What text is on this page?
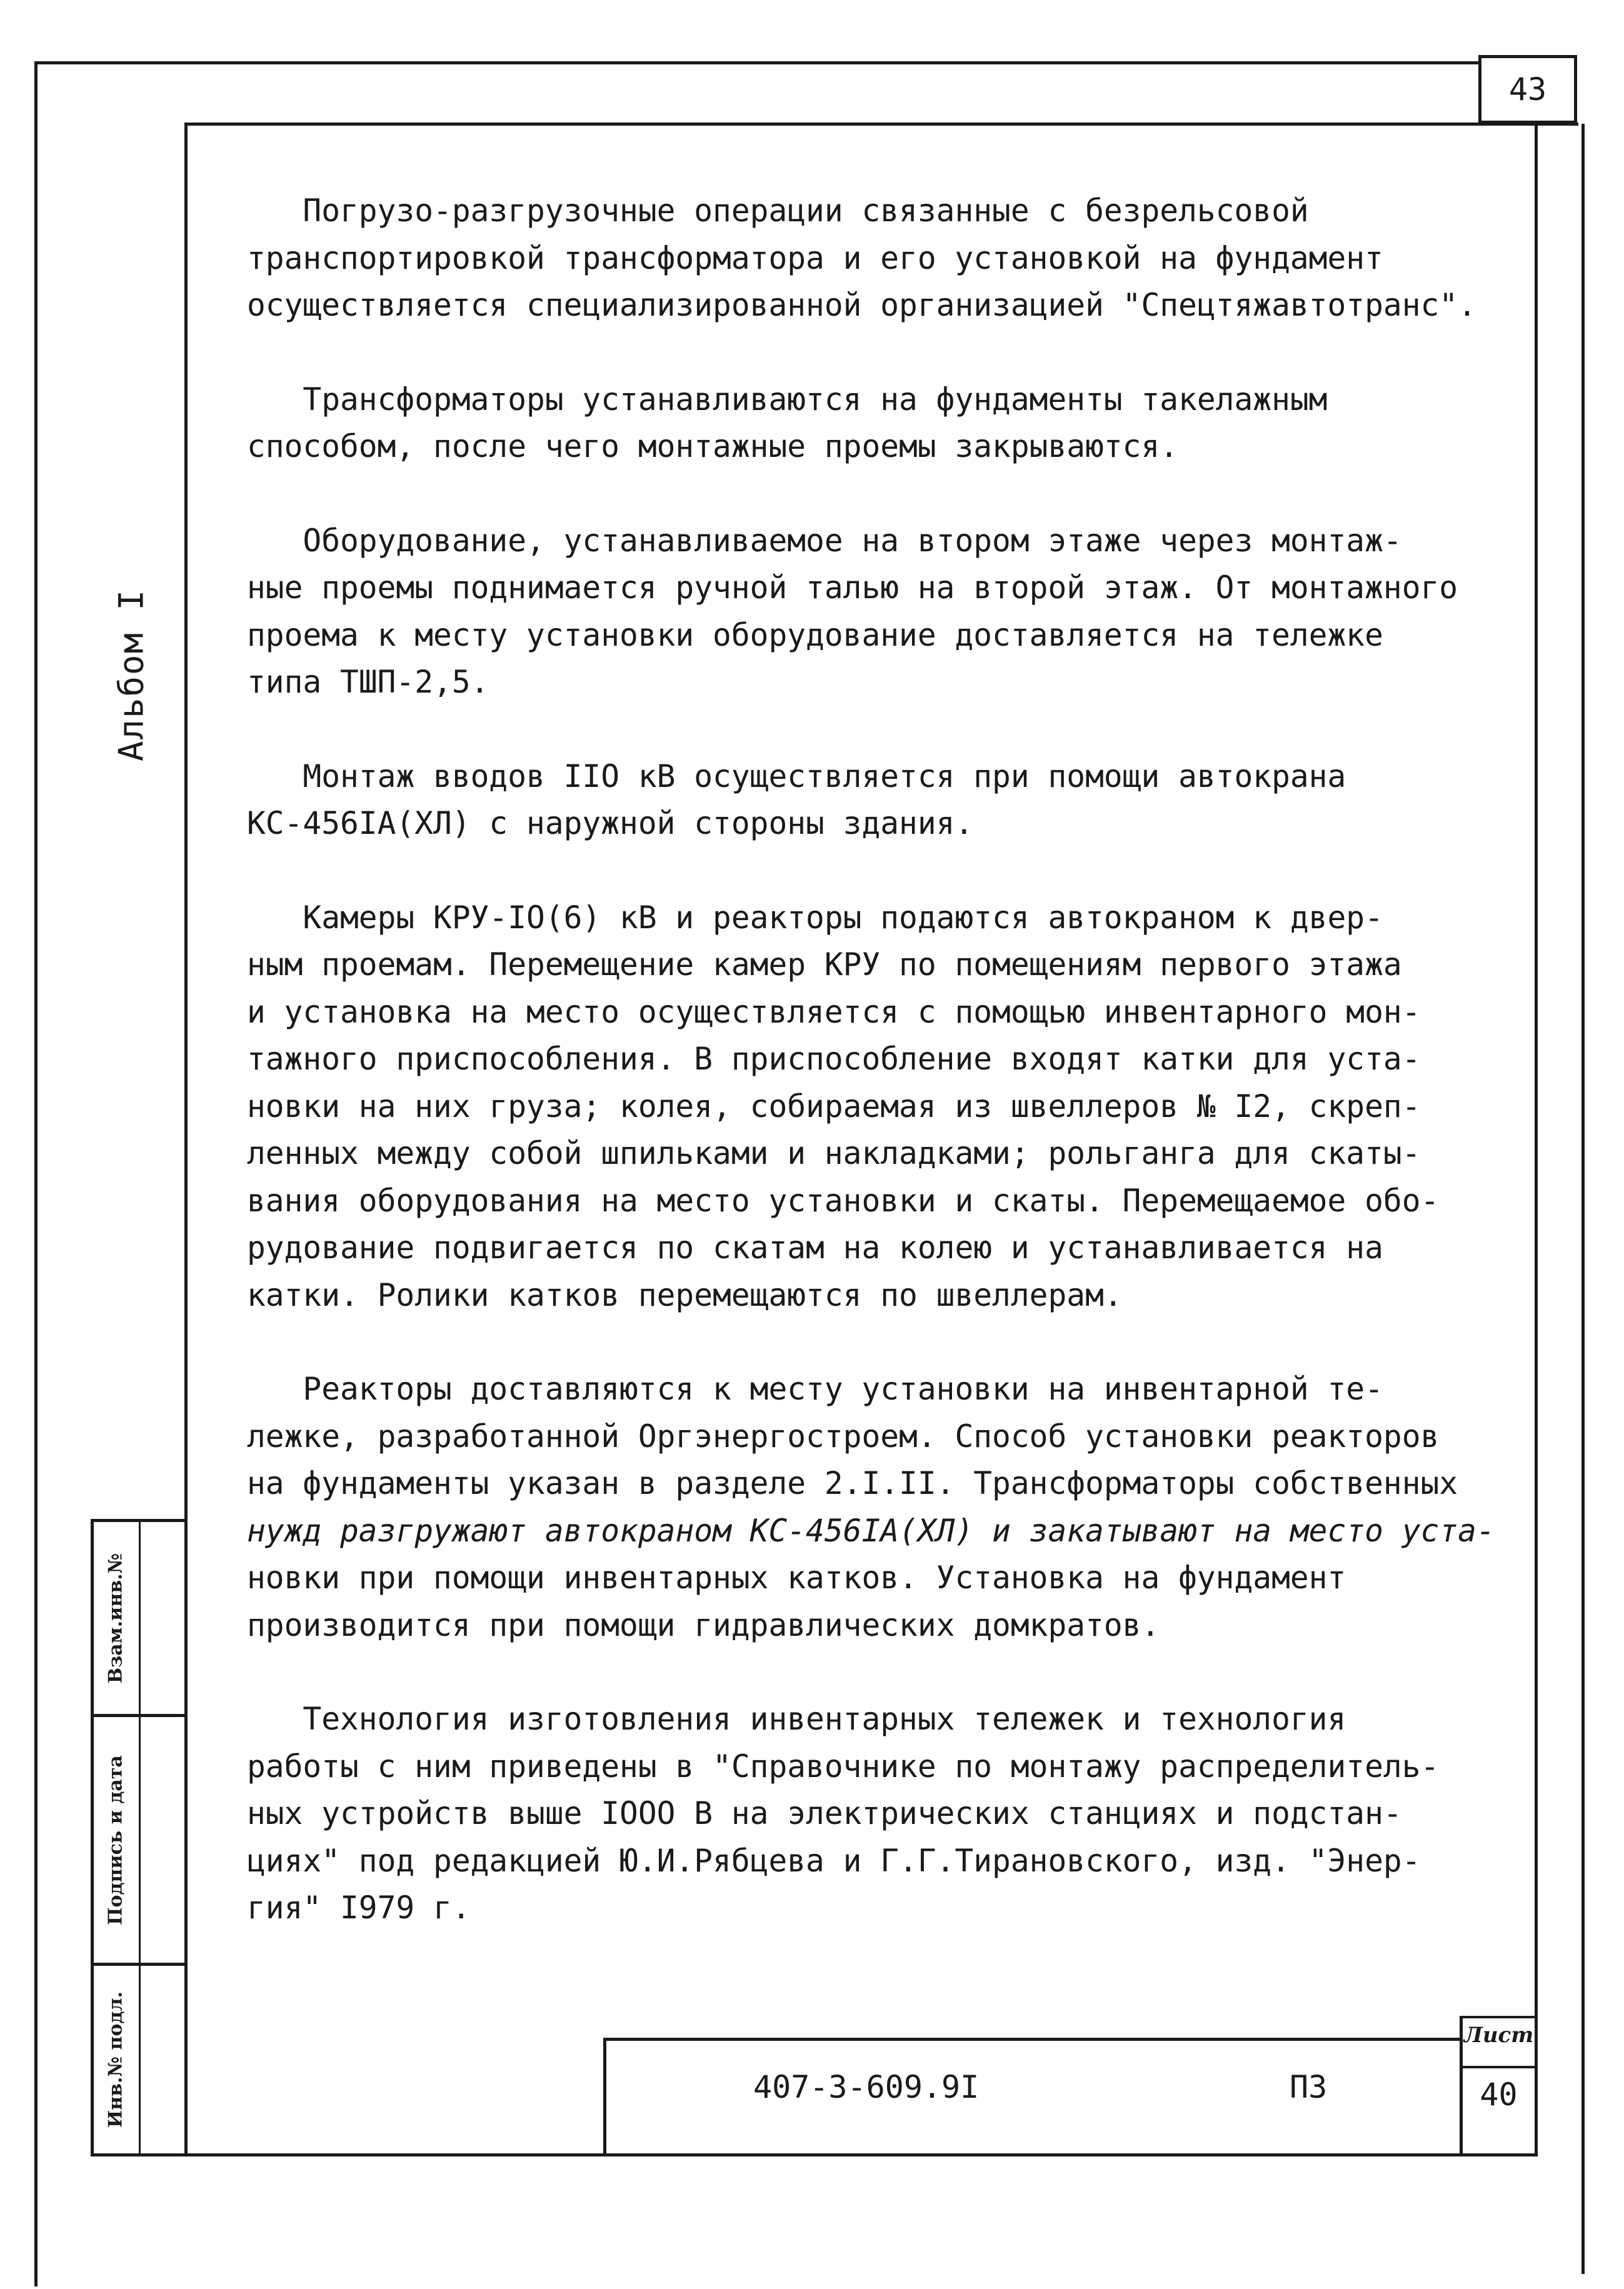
43
Альбом I
Взам.инв.№
Подпись и дата
Инв.№ подл.

Погрузо-разгрузочные операции связанные с безрельсовой

транспортировкой трансформатора и его установкой на фундамент

осуществляется специализированной организацией "Спецтяжавтотранс".

Трансформаторы устанавливаются на фундаменты такелажным

способом, после чего монтажные проемы закрываются.

Оборудование, устанавливаемое на втором этаже через монтаж-

ные проемы поднимается ручной талью на второй этаж. От монтажного

проема к месту установки оборудование доставляется на тележке

типа ТШП-2,5.

Монтаж вводов IIO кВ осуществляется при помощи автокрана

КС-456IА(ХЛ) с наружной стороны здания.

Камеры КРУ-IO(6) кВ и реакторы подаются автокраном к двер-

ным проемам. Перемещение камер КРУ по помещениям первого этажа

и установка на место осуществляется с помощью инвентарного мон-

тажного приспособления. В приспособление входят катки для уста-

новки на них груза; колея, собираемая из швеллеров № I2, скреп-

ленных между собой шпильками и накладками; рольганга для скаты-

вания оборудования на место установки и скаты. Перемещаемое обо-

рудование подвигается по скатам на колею и устанавливается на

катки. Ролики катков перемещаются по швеллерам.

Реакторы доставляются к месту установки на инвентарной те-

лежке, разработанной Оргэнергостроем. Способ установки реакторов

на фундаменты указан в разделе 2.I.II. Трансформаторы собственных

нужд разгружают автокраном КС-456IА(ХЛ) и закатывают на место уста-

новки при помощи инвентарных катков. Установка на фундамент

производится при помощи гидравлических домкратов.

Технология изготовления инвентарных тележек и технология

работы с ним приведены в "Справочнике по монтажу распределитель-

ных устройств выше IOOO В на электрических станциях и подстан-

циях" под редакцией Ю.И.Рябцева и Г.Г.Тирановского, изд. "Энер-

гия" I979 г.

407-3-609.9I	ПЗ
Лист
40
